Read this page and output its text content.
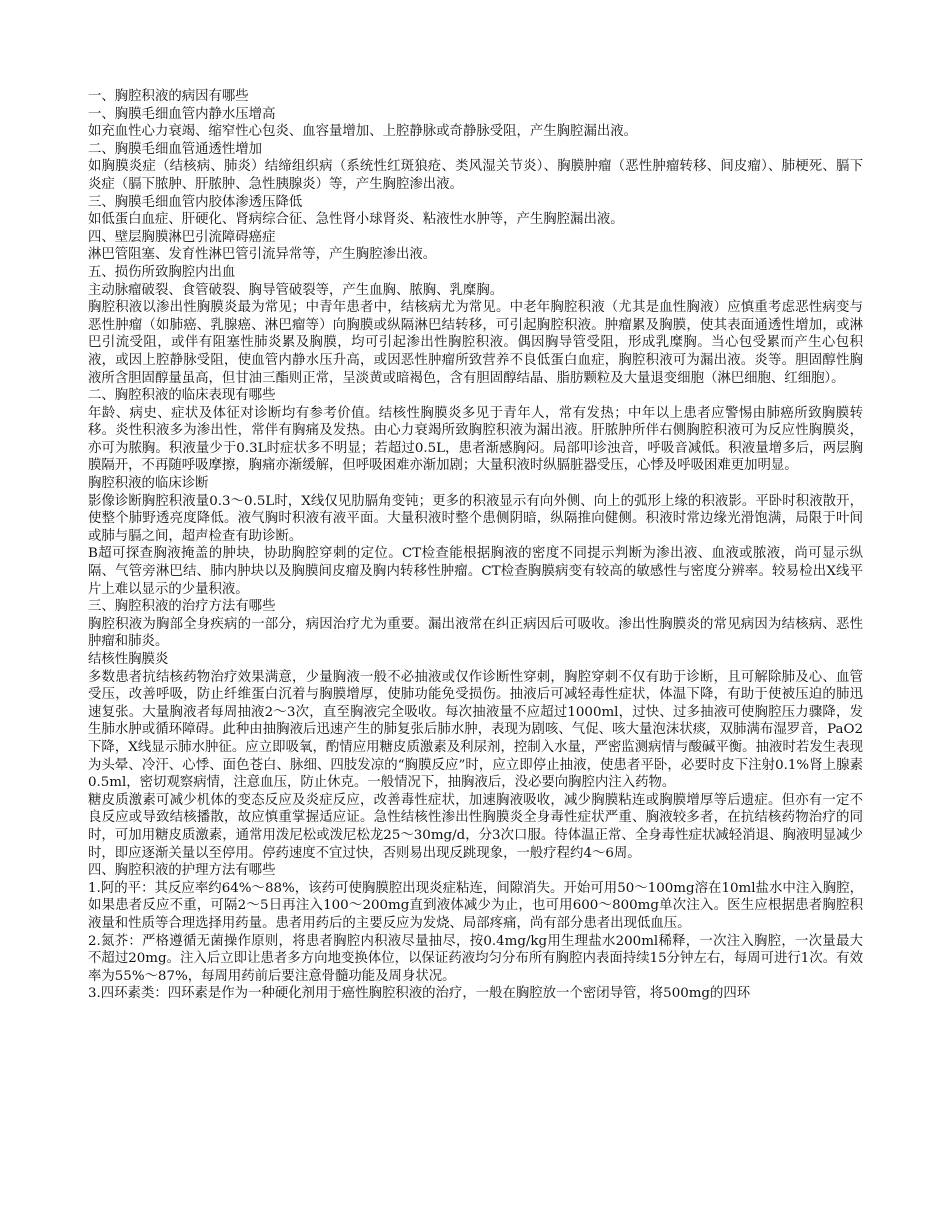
一、胸腔积液的病因有哪些

一、胸膜毛细血管内静水压增高

如充血性心力衰竭、缩窄性心包炎、血容量增加、上腔静脉或奇静脉受阻，产生胸腔漏出液。

二、胸膜毛细血管通透性增加

如胸膜炎症（结核病、肺炎）结缔组织病（系统性红斑狼疮、类风湿关节炎）、胸膜肿瘤（恶性肿瘤转移、间皮瘤）、肺梗死、膈下炎症（膈下脓肿、肝脓肿、急性胰腺炎）等，产生胸腔渗出液。

三、胸膜毛细血管内胶体渗透压降低

如低蛋白血症、肝硬化、肾病综合征、急性肾小球肾炎、粘液性水肿等，产生胸腔漏出液。

四、壁层胸膜淋巴引流障碍癌症

淋巴管阻塞、发育性淋巴管引流异常等，产生胸腔渗出液。

五、损伤所致胸腔内出血

主动脉瘤破裂、食管破裂、胸导管破裂等，产生血胸、脓胸、乳糜胸。

胸腔积液以渗出性胸膜炎最为常见；中青年患者中，结核病尤为常见。中老年胸腔积液（尤其是血性胸液）应慎重考虑恶性病变与恶性肿瘤（如肺癌、乳腺癌、淋巴瘤等）向胸膜或纵隔淋巴结转移，可引起胸腔积液。肿瘤累及胸膜，使其表面通透性增加，或淋巴引流受阻，或伴有阻塞性肺炎累及胸膜，均可引起渗出性胸腔积液。偶因胸导管受阻，形成乳糜胸。当心包受累而产生心包积液，或因上腔静脉受阻，使血管内静水压升高，或因恶性肿瘤所致营养不良低蛋白血症，胸腔积液可为漏出液。炎等。胆固醇性胸液所含胆固醇量虽高，但甘油三酯则正常，呈淡黄或暗褐色，含有胆固醇结晶、脂肪颗粒及大量退变细胞（淋巴细胞、红细胞）。

二、胸腔积液的临床表现有哪些

年龄、病史、症状及体征对诊断均有参考价值。结核性胸膜炎多见于青年人，常有发热；中年以上患者应警惕由肺癌所致胸膜转移。炎性积液多为渗出性，常伴有胸痛及发热。由心力衰竭所致胸腔积液为漏出液。肝脓肿所伴右侧胸腔积液可为反应性胸膜炎，亦可为脓胸。积液量少于0.3L时症状多不明显；若超过0.5L，患者渐感胸闷。局部叩诊浊音，呼吸音减低。积液量增多后，两层胸膜隔开，不再随呼吸摩擦，胸痛亦渐缓解，但呼吸困难亦渐加剧；大量积液时纵膈脏器受压，心悸及呼吸困难更加明显。

胸腔积液的临床诊断

影像诊断胸腔积液量0.3～0.5L时，X线仅见肋膈角变钝；更多的积液显示有向外侧、向上的弧形上缘的积液影。平卧时积液散开，使整个肺野透亮度降低。液气胸时积液有液平面。大量积液时整个患侧阴暗，纵隔推向健侧。积液时常边缘光滑饱满，局限于叶间或肺与膈之间，超声检查有助诊断。

B超可探查胸液掩盖的肿块，协助胸腔穿刺的定位。CT检查能根据胸液的密度不同提示判断为渗出液、血液或脓液，尚可显示纵隔、气管旁淋巴结、肺内肿块以及胸膜间皮瘤及胸内转移性肿瘤。CT检查胸膜病变有较高的敏感性与密度分辨率。较易检出X线平片上难以显示的少量积液。

三、胸腔积液的治疗方法有哪些

胸腔积液为胸部全身疾病的一部分，病因治疗尤为重要。漏出液常在纠正病因后可吸收。渗出性胸膜炎的常见病因为结核病、恶性肿瘤和肺炎。

结核性胸膜炎

多数患者抗结核药物治疗效果满意，少量胸液一般不必抽液或仅作诊断性穿刺，胸腔穿刺不仅有助于诊断，且可解除肺及心、血管受压，改善呼吸，防止纤维蛋白沉着与胸膜增厚，使肺功能免受损伤。抽液后可减轻毒性症状，体温下降，有助于使被压迫的肺迅速复张。大量胸液者每周抽液2～3次，直至胸液完全吸收。每次抽液量不应超过1000ml，过快、过多抽液可使胸腔压力骤降，发生肺水肿或循环障碍。此种由抽胸液后迅速产生的肺复张后肺水肿，表现为剧咳、气促、咳大量泡沫状痰，双肺满布湿罗音，PaO2下降，X线显示肺水肿征。应立即吸氧，酌情应用糖皮质激素及利尿剂，控制入水量，严密监测病情与酸碱平衡。抽液时若发生表现为头晕、冷汗、心悸、面色苍白、脉细、四肢发凉的“胸膜反应”时，应立即停止抽液，使患者平卧，必要时皮下注射0.1%肾上腺素0.5ml，密切观察病情，注意血压，防止休克。一般情况下，抽胸液后，没必要向胸腔内注入药物。

糖皮质激素可减少机体的变态反应及炎症反应，改善毒性症状，加速胸液吸收，减少胸膜粘连或胸膜增厚等后遗症。但亦有一定不良反应或导致结核播散，故应慎重掌握适应证。急性结核性渗出性胸膜炎全身毒性症状严重、胸液较多者，在抗结核药物治疗的同时，可加用糖皮质激素，通常用泼尼松或泼尼松龙25～30mg/d，分3次口服。待体温正常、全身毒性症状减轻消退、胸液明显减少时，即应逐渐关量以至停用。停药速度不宜过快，否则易出现反跳现象，一般疗程约4～6周。

四、胸腔积液的护理方法有哪些

1.阿的平：其反应率约64%～88%，该药可使胸膜腔出现炎症粘连，间隙消失。开始可用50～100mg溶在10ml盐水中注入胸腔，如果患者反应不重，可隔2～5日再注入100～200mg直到液体减少为止，也可用600～800mg单次注入。医生应根据患者胸腔积液量和性质等合理选择用药量。患者用药后的主要反应为发烧、局部疼痛，尚有部分患者出现低血压。

2.氮芥：严格遵循无菌操作原则，将患者胸腔内积液尽量抽尽，按0.4mg/kg用生理盐水200ml稀释，一次注入胸腔，一次量最大不超过20mg。注入后立即让患者多方向地变换体位，以保证药液均匀分布所有胸腔内表面持续15分钟左右，每周可进行1次。有效率为55%～87%，每周用药前后要注意骨髓功能及周身状况。

3.四环素类：四环素是作为一种硬化剂用于癌性胸腔积液的治疗，一般在胸腔放一个密闭导管，将500mg的四环
